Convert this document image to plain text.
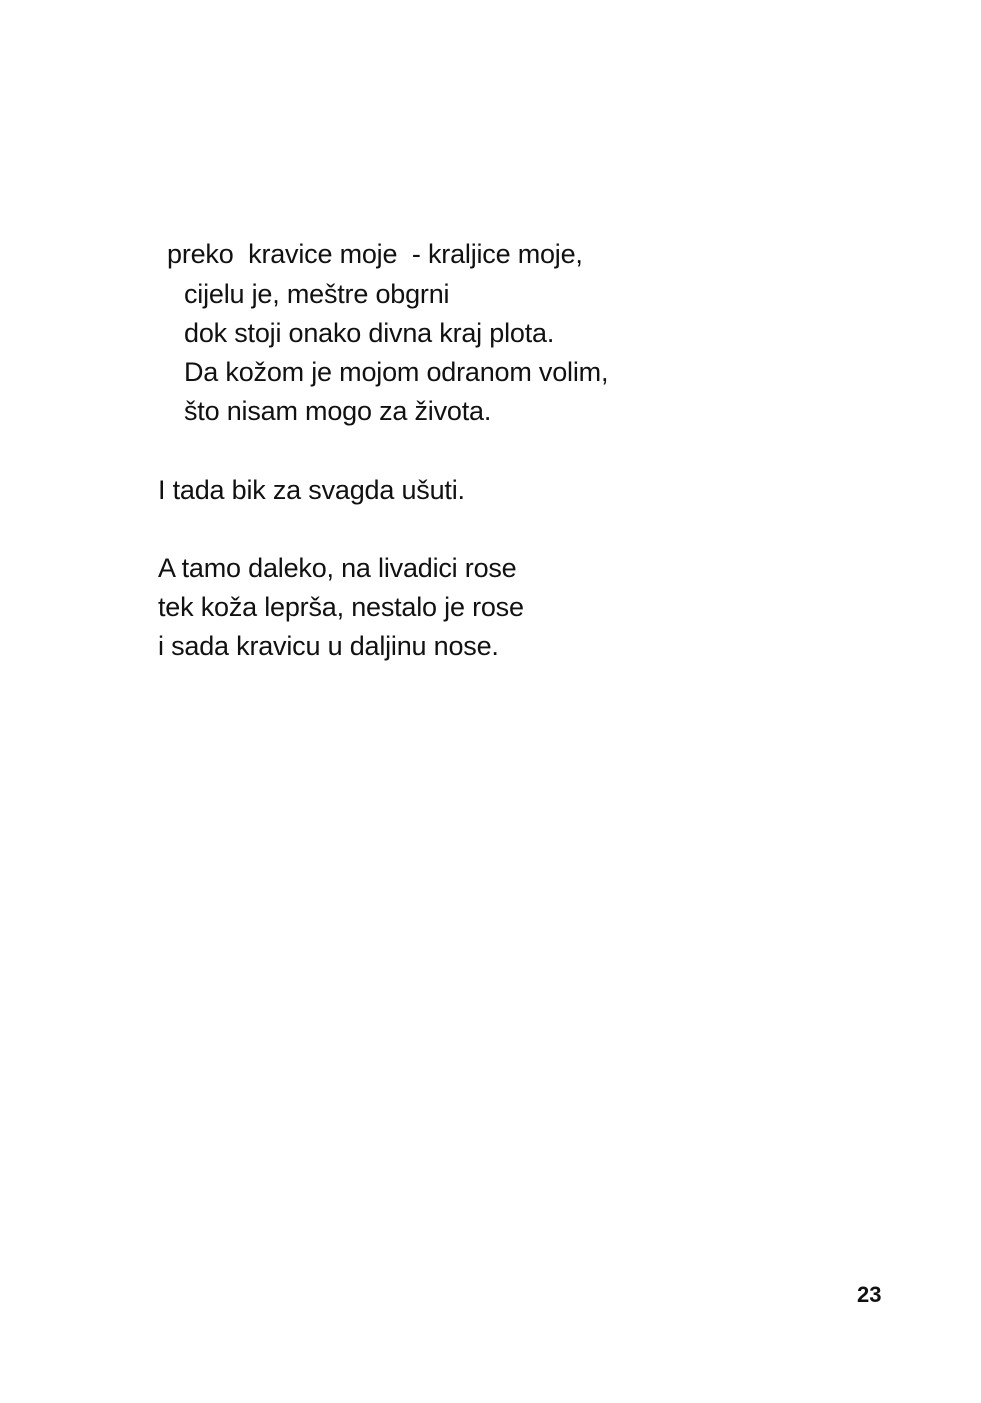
preko  kravice moje  - kraljice moje,
cijelu je, meštre obgrni
dok stoji onako divna kraj plota.
Da kožom je mojom odranom volim,
što nisam mogo za života.
I tada bik za svagda ušuti.
A tamo daleko, na livadici rose
tek koža lepršа, nestalo je rose
i sada kravicu u daljinu nose.
23
